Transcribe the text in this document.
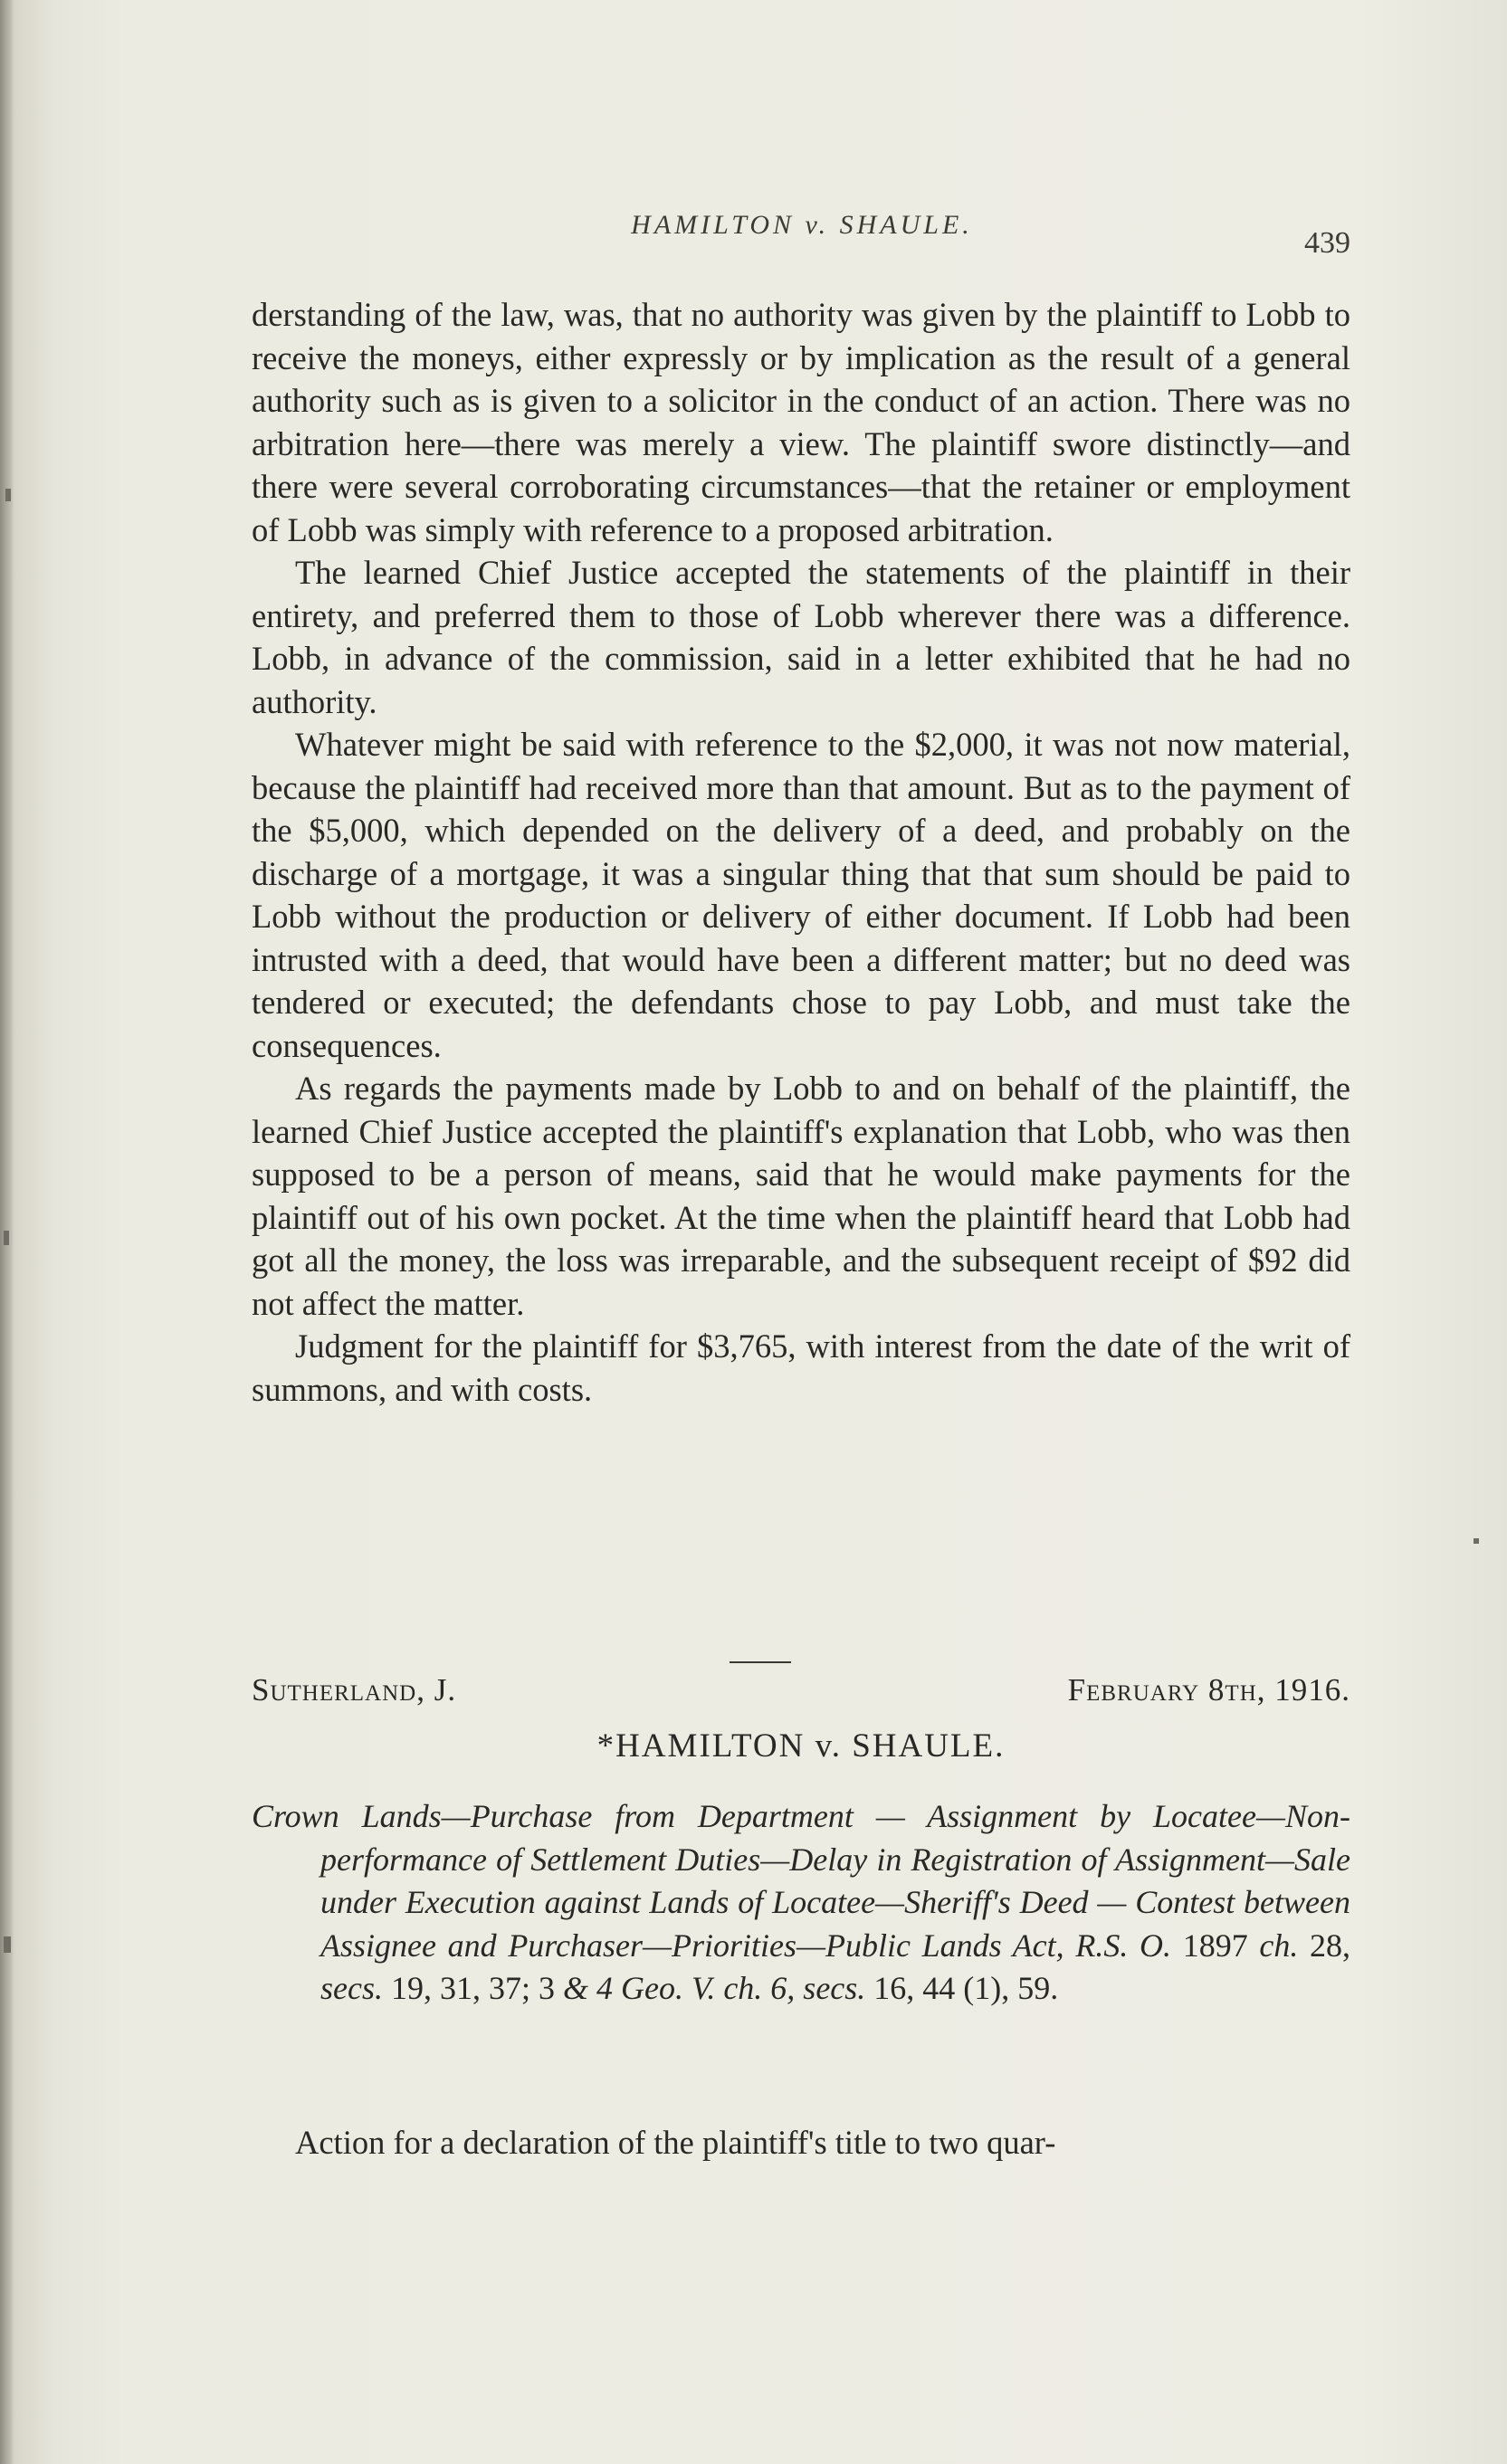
HAMILTON v. SHAULE.
439

derstanding of the law, was, that no authority was given by the plaintiff to Lobb to receive the moneys, either expressly or by implication as the result of a general authority such as is given to a solicitor in the conduct of an action. There was no arbitration here—there was merely a view. The plaintiff swore distinctly—and there were several corroborating circumstances—that the retainer or employment of Lobb was simply with reference to a proposed arbitration.

The learned Chief Justice accepted the statements of the plaintiff in their entirety, and preferred them to those of Lobb wherever there was a difference. Lobb, in advance of the commission, said in a letter exhibited that he had no authority.

Whatever might be said with reference to the $2,000, it was not now material, because the plaintiff had received more than that amount. But as to the payment of the $5,000, which depended on the delivery of a deed, and probably on the discharge of a mortgage, it was a singular thing that that sum should be paid to Lobb without the production or delivery of either document. If Lobb had been intrusted with a deed, that would have been a different matter; but no deed was tendered or executed; the defendants chose to pay Lobb, and must take the consequences.

As regards the payments made by Lobb to and on behalf of the plaintiff, the learned Chief Justice accepted the plaintiff's explanation that Lobb, who was then supposed to be a person of means, said that he would make payments for the plaintiff out of his own pocket. At the time when the plaintiff heard that Lobb had got all the money, the loss was irreparable, and the subsequent receipt of $92 did not affect the matter.

Judgment for the plaintiff for $3,765, with interest from the date of the writ of summons, and with costs.

Sutherland, J.	February 8th, 1916.
*HAMILTON v. SHAULE.

Crown Lands—Purchase from Department — Assignment by Locatee—Non-performance of Settlement Duties—Delay in Registration of Assignment—Sale under Execution against Lands of Locatee—Sheriff's Deed — Contest between Assignee and Purchaser—Priorities—Public Lands Act, R.S. O. 1897 ch. 28, secs. 19, 31, 37; 3 & 4 Geo. V. ch. 6, secs. 16, 44 (1), 59.

Action for a declaration of the plaintiff's title to two quar-
